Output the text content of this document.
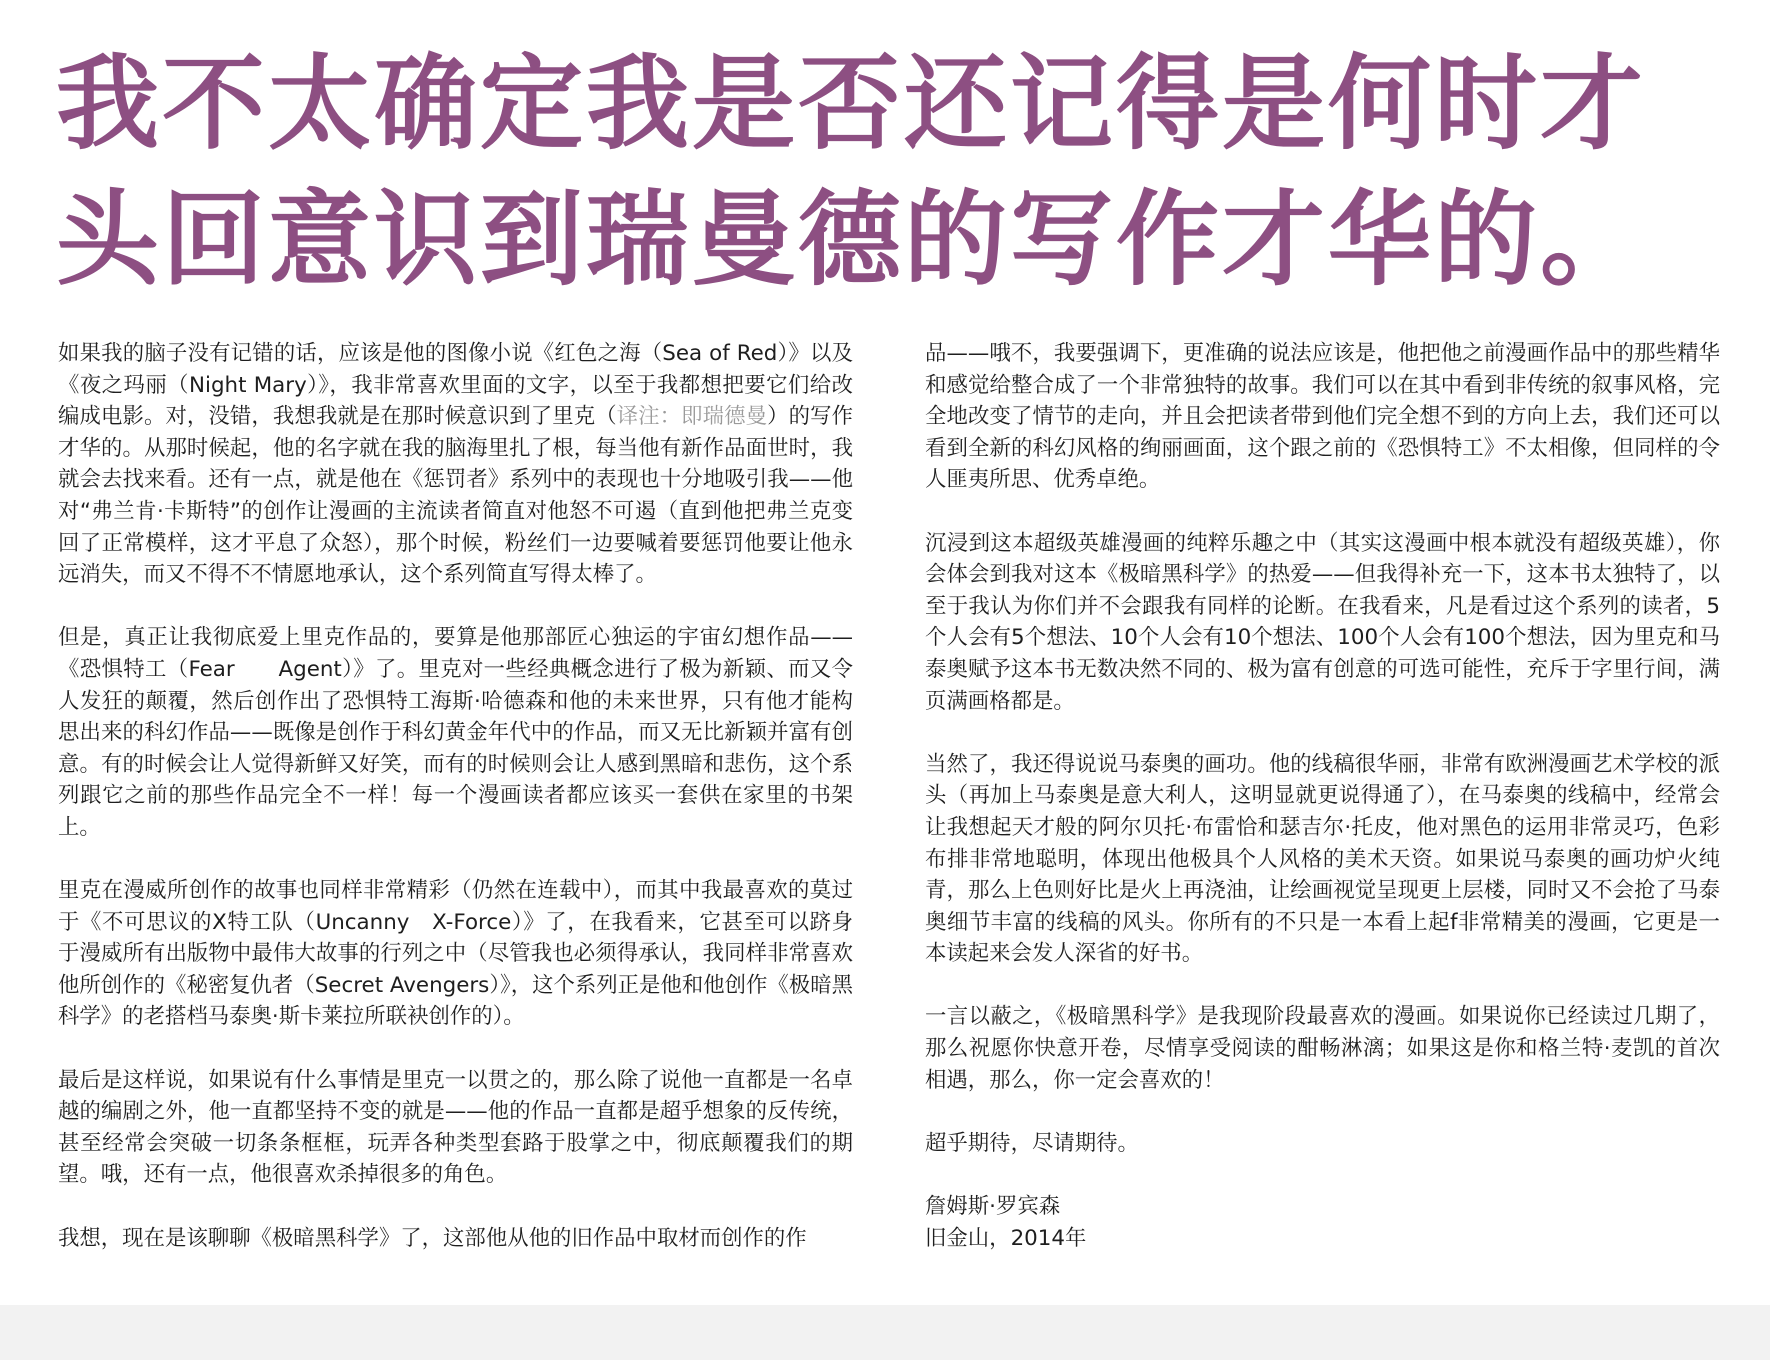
我不太确定我是否还记得是何时才
头回意识到瑞曼德的写作才华的。

如果我的脑子没有记错的话，应该是他的图像小说《红色之海（Sea of Red）》以及《夜之玛丽（Night Mary）》，我非常喜欢里面的文字，以至于我都想把要它们给改编成电影。对，没错，我想我就是在那时候意识到了里克（译注：即瑞德曼）的写作才华的。从那时候起，他的名字就在我的脑海里扎了根，每当他有新作品面世时，我就会去找来看。还有一点，就是他在《惩罚者》系列中的表现也十分地吸引我——他对“弗兰肯·卡斯特”的创作让漫画的主流读者简直对他怒不可遏（直到他把弗兰克变回了正常模样，这才平息了众怒），那个时候，粉丝们一边要喊着要惩罚他要让他永远消失，而又不得不不情愿地承认，这个系列简直写得太棒了。

但是，真正让我彻底爱上里克作品的，要算是他那部匠心独运的宇宙幻想作品——《恐惧特工（Fear　　Agent）》了。里克对一些经典概念进行了极为新颖、而又令人发狂的颠覆，然后创作出了恐惧特工海斯·哈德森和他的未来世界，只有他才能构思出来的科幻作品——既像是创作于科幻黄金年代中的作品，而又无比新颖并富有创意。有的时候会让人觉得新鲜又好笑，而有的时候则会让人感到黑暗和悲伤，这个系列跟它之前的那些作品完全不一样！每一个漫画读者都应该买一套供在家里的书架上。

里克在漫威所创作的故事也同样非常精彩（仍然在连载中），而其中我最喜欢的莫过于《不可思议的X特工队（Uncanny　X-Force）》了，在我看来，它甚至可以跻身于漫威所有出版物中最伟大故事的行列之中（尽管我也必须得承认，我同样非常喜欢他所创作的《秘密复仇者（Secret Avengers）》，这个系列正是他和他创作《极暗黑科学》的老搭档马泰奥·斯卡莱拉所联袂创作的）。

最后是这样说，如果说有什么事情是里克一以贯之的，那么除了说他一直都是一名卓越的编剧之外，他一直都坚持不变的就是——他的作品一直都是超乎想象的反传统，甚至经常会突破一切条条框框，玩弄各种类型套路于股掌之中，彻底颠覆我们的期望。哦，还有一点，他很喜欢杀掉很多的角色。

我想，现在是该聊聊《极暗黑科学》了，这部他从他的旧作品中取材而创作的作

品——哦不，我要强调下，更准确的说法应该是，他把他之前漫画作品中的那些精华和感觉给整合成了一个非常独特的故事。我们可以在其中看到非传统的叙事风格，完全地改变了情节的走向，并且会把读者带到他们完全想不到的方向上去，我们还可以看到全新的科幻风格的绚丽画面，这个跟之前的《恐惧特工》不太相像，但同样的令人匪夷所思、优秀卓绝。

沉浸到这本超级英雄漫画的纯粹乐趣之中（其实这漫画中根本就没有超级英雄），你会体会到我对这本《极暗黑科学》的热爱——但我得补充一下，这本书太独特了，以至于我认为你们并不会跟我有同样的论断。在我看来，凡是看过这个系列的读者，5个人会有5个想法、10个人会有10个想法、100个人会有100个想法，因为里克和马泰奥赋予这本书无数决然不同的、极为富有创意的可选可能性，充斥于字里行间，满页满画格都是。

当然了，我还得说说马泰奥的画功。他的线稿很华丽，非常有欧洲漫画艺术学校的派头（再加上马泰奥是意大利人，这明显就更说得通了），在马泰奥的线稿中，经常会让我想起天才般的阿尔贝托·布雷恰和瑟吉尔·托皮，他对黑色的运用非常灵巧，色彩布排非常地聪明，体现出他极具个人风格的美术天资。如果说马泰奥的画功炉火纯青，那么上色则好比是火上再浇油，让绘画视觉呈现更上层楼，同时又不会抢了马泰奥细节丰富的线稿的风头。你所有的不只是一本看上起f非常精美的漫画，它更是一本读起来会发人深省的好书。

一言以蔽之，《极暗黑科学》是我现阶段最喜欢的漫画。如果说你已经读过几期了，那么祝愿你快意开卷，尽情享受阅读的酣畅淋漓；如果这是你和格兰特·麦凯的首次相遇，那么，你一定会喜欢的！

超乎期待，尽请期待。

詹姆斯·罗宾森

旧金山，2014年
